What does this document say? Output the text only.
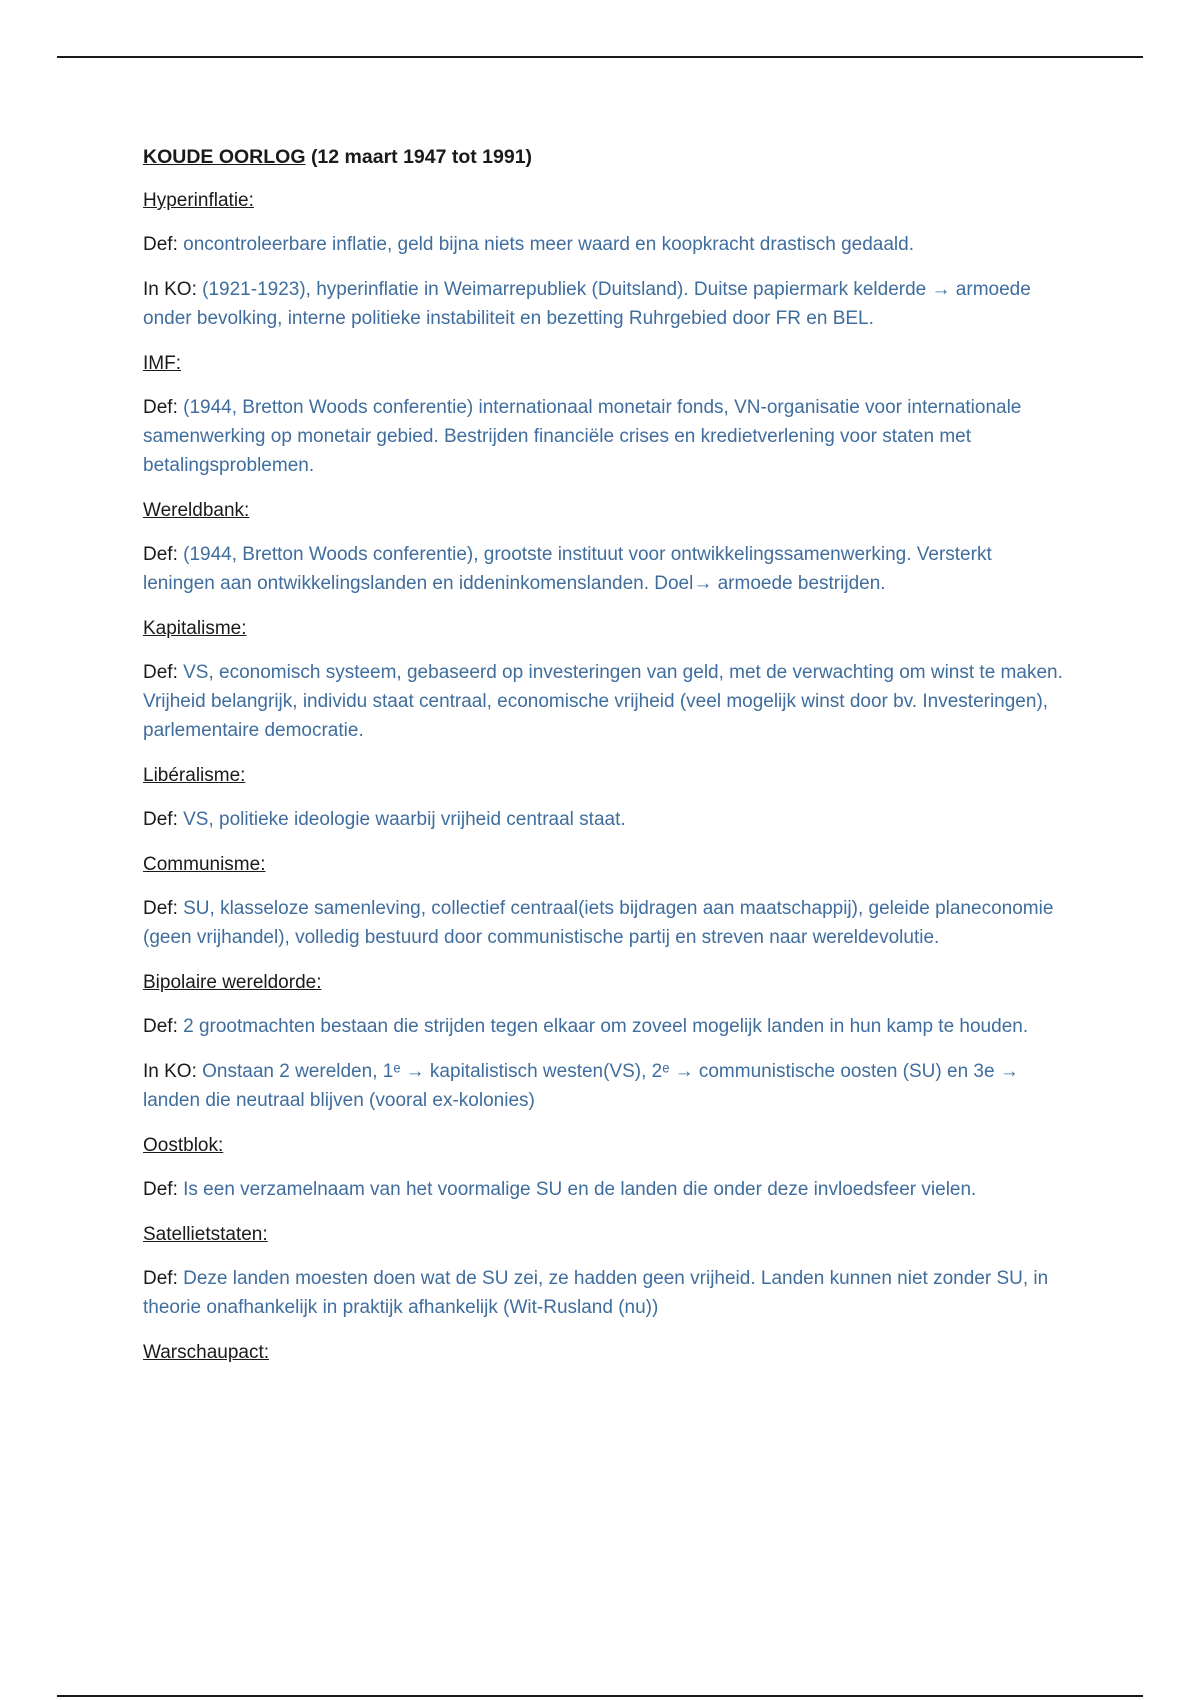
KOUDE OORLOG (12 maart 1947 tot 1991)

Hyperinflatie:

Def: oncontroleerbare inflatie, geld bijna niets meer waard en koopkracht drastisch gedaald.

In KO: (1921-1923), hyperinflatie in Weimarrepubliek (Duitsland). Duitse papiermark kelderde → armoede onder bevolking, interne politieke instabiliteit en bezetting Ruhrgebied door FR en BEL.

IMF:

Def: (1944, Bretton Woods conferentie) internationaal monetair fonds, VN-organisatie voor internationale samenwerking op monetair gebied. Bestrijden financiële crises en kredietverlening voor staten met betalingsproblemen.

Wereldbank:

Def: (1944, Bretton Woods conferentie), grootste instituut voor ontwikkelingssamenwerking. Versterkt leningen aan ontwikkelingslanden en iddeninkomenslanden. Doel→ armoede bestrijden.

Kapitalisme:

Def: VS, economisch systeem, gebaseerd op investeringen van geld, met de verwachting om winst te maken. Vrijheid belangrijk, individu staat centraal, economische vrijheid (veel mogelijk winst door bv. Investeringen), parlementaire democratie.

Libéralisme:

Def: VS, politieke ideologie waarbij vrijheid centraal staat.

Communisme:

Def: SU, klasseloze samenleving, collectief centraal(iets bijdragen aan maatschappij), geleide planeconomie (geen vrijhandel), volledig bestuurd door communistische partij en streven naar wereldevolutie.

Bipolaire wereldorde:

Def: 2 grootmachten bestaan die strijden tegen elkaar om zoveel mogelijk landen in hun kamp te houden.

In KO: Onstaan 2 werelden, 1ᵉ → kapitalistisch westen(VS), 2ᵉ → communistische oosten (SU) en 3e → landen die neutraal blijven (vooral ex-kolonies)

Oostblok:

Def: Is een verzamelnaam van het voormalige SU en de landen die onder deze invloedsfeer vielen.

Satellietstaten:

Def: Deze landen moesten doen wat de SU zei, ze hadden geen vrijheid. Landen kunnen niet zonder SU, in theorie onafhankelijk in praktijk afhankelijk (Wit-Rusland (nu))

Warschaupact:
